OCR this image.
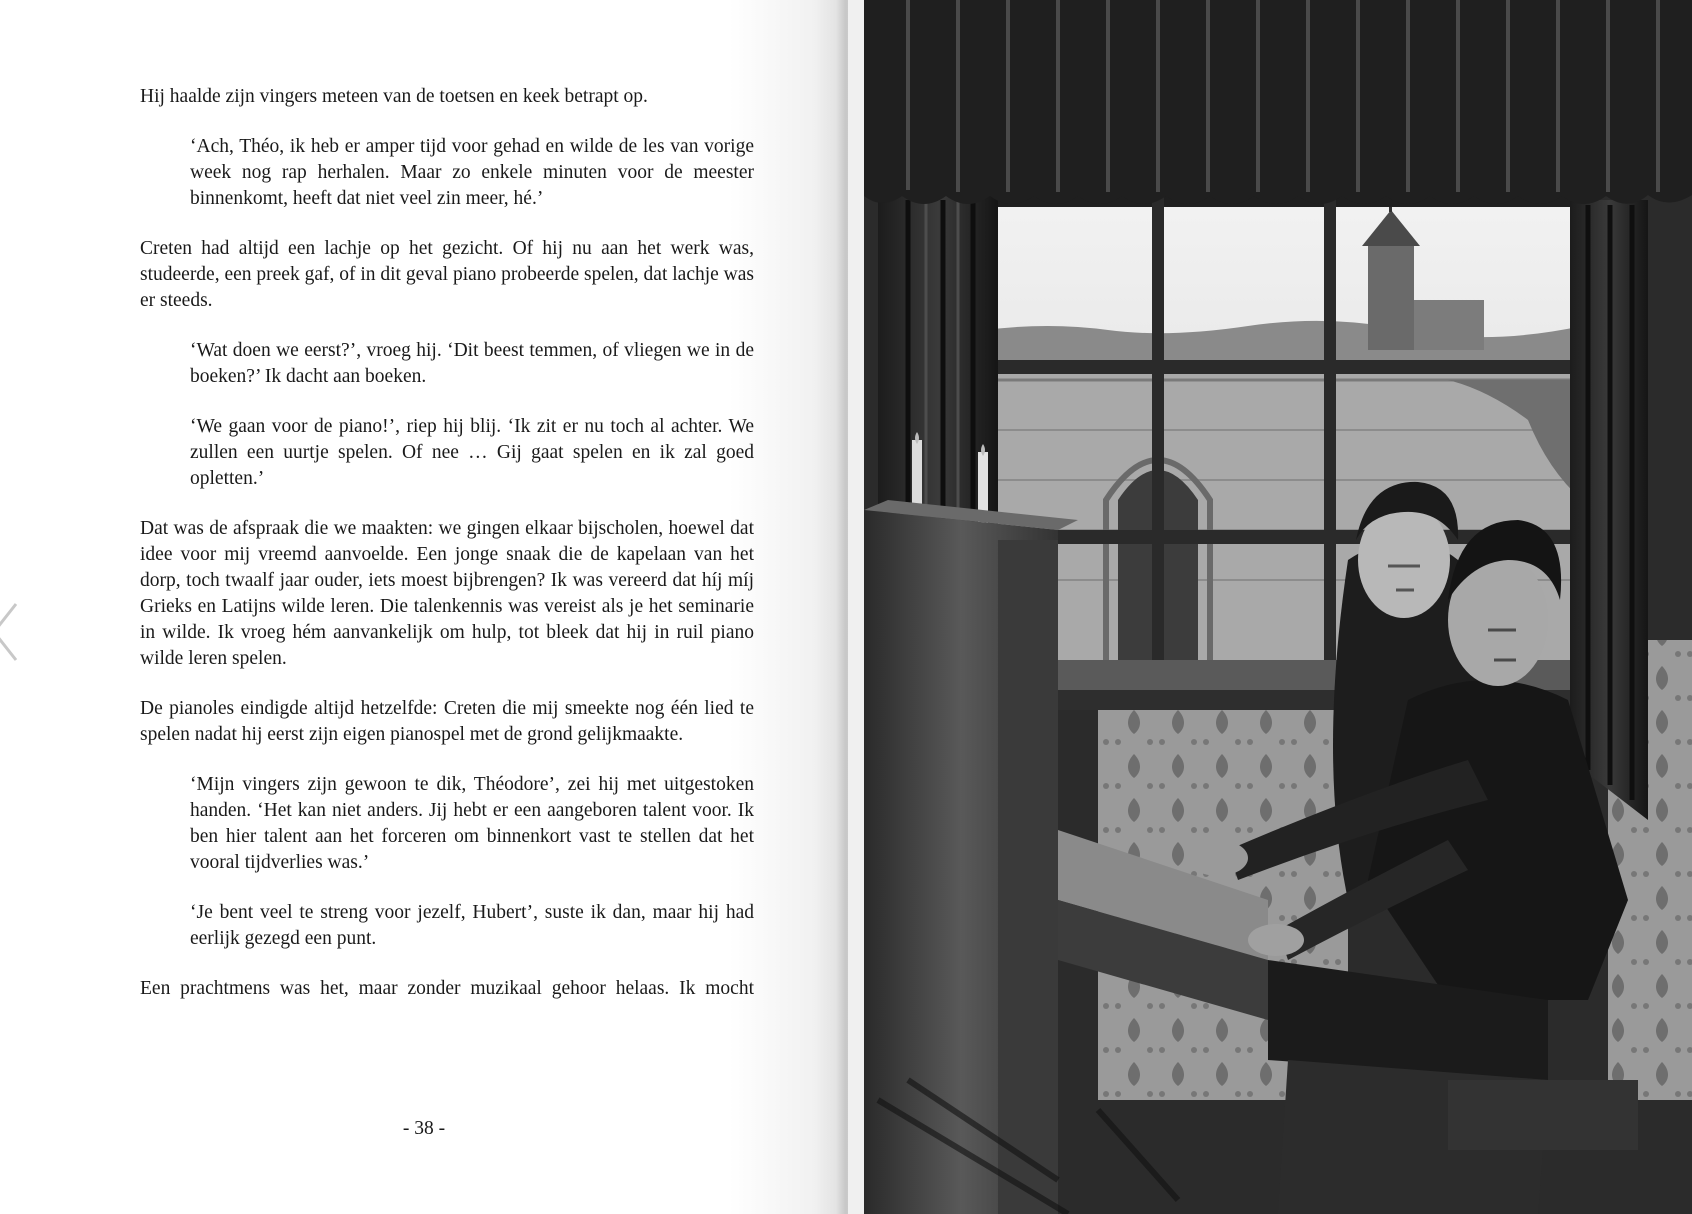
Hij haalde zijn vingers meteen van de toetsen en keek betrapt op.

‘Ach, Théo, ik heb er amper tijd voor gehad en wilde de les van vorige week nog rap herhalen. Maar zo enkele minuten voor de meester binnenkomt, heeft dat niet veel zin meer, hé.’

Creten had altijd een lachje op het gezicht. Of hij nu aan het werk was, studeerde, een preek gaf, of in dit geval piano probeerde spelen, dat lachje was er steeds.

‘Wat doen we eerst?’, vroeg hij. ‘Dit beest temmen, of vliegen we in de boeken?’ Ik dacht aan boeken.

‘We gaan voor de piano!’, riep hij blij. ‘Ik zit er nu toch al achter. We zullen een uurtje spelen. Of nee … Gij gaat spelen en ik zal goed opletten.’

Dat was de afspraak die we maakten: we gingen elkaar bijscholen, hoewel dat idee voor mij vreemd aanvoelde. Een jonge snaak die de kapelaan van het dorp, toch twaalf jaar ouder, iets moest bijbrengen? Ik was vereerd dat híj míj Grieks en Latijns wilde leren. Die talenkennis was vereist als je het seminarie in wilde. Ik vroeg hém aanvankelijk om hulp, tot bleek dat hij in ruil piano wilde leren spelen.

De pianoles eindigde altijd hetzelfde: Creten die mij smeekte nog één lied te spelen nadat hij eerst zijn eigen pianospel met de grond gelijkmaakte.

‘Mijn vingers zijn gewoon te dik, Théodore’, zei hij met uitgestoken handen. ‘Het kan niet anders. Jij hebt er een aangeboren talent voor. Ik ben hier talent aan het forceren om binnenkort vast te stellen dat het vooral tijdverlies was.’

‘Je bent veel te streng voor jezelf, Hubert’, suste ik dan, maar hij had eerlijk gezegd een punt.

Een prachtmens was het, maar zonder muzikaal gehoor helaas. Ik mocht

- 38 -
